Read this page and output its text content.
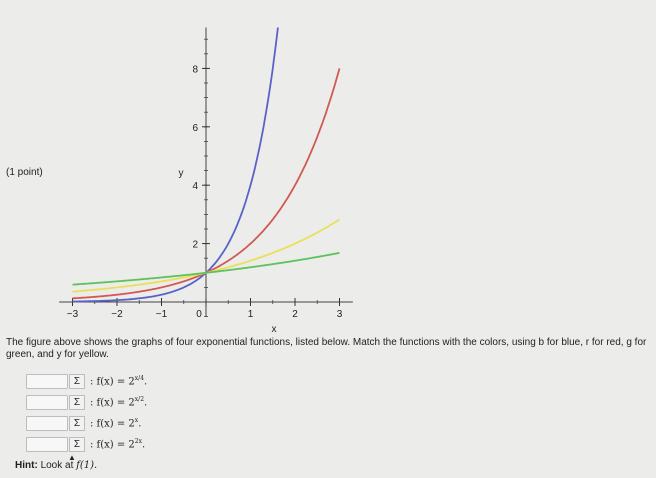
−3	−2	−1	0	1	2	3
2
4
6
8
x
y
(1 point)
The figure above shows the graphs of four exponential functions, listed below. Match the functions with the colors, using b for blue, r for red, g for green, and y for yellow.
Σ : $f(x) = 2^{x/4}$.
Σ : $f(x) = 2^{x/2}$.
Σ : $f(x) = 2^x$.
Σ : $f(x) = 2^{2x}$.
Hint: Look at f(1).
▲
